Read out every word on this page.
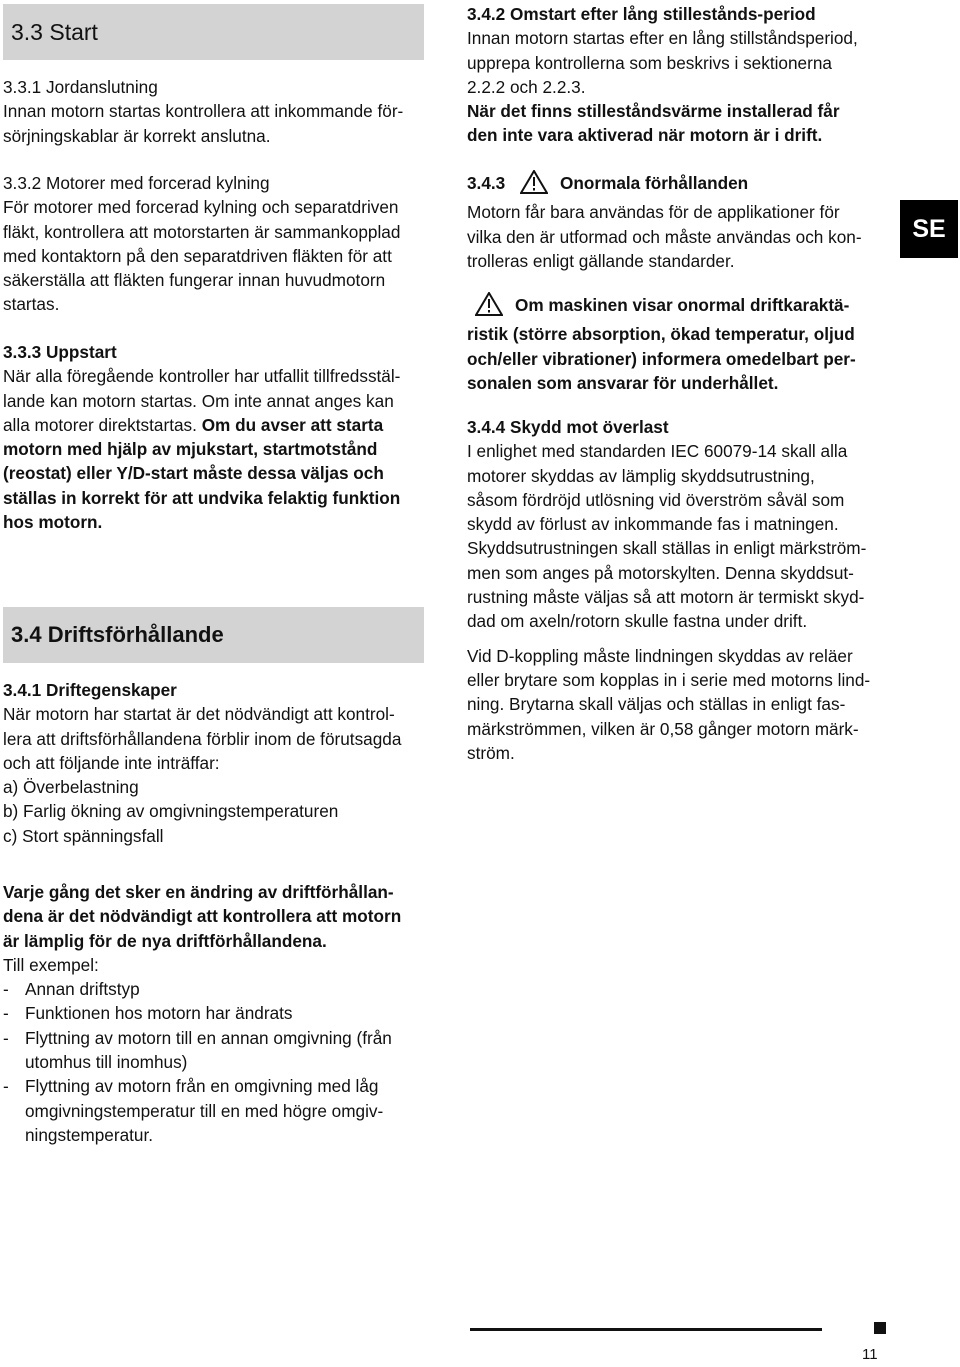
3.3 Start

3.3.1 Jordanslutning

Innan motorn startas kontrollera att inkommande för-

sörjningskablar är korrekt anslutna.

3.3.2 Motorer med forcerad kylning

För motorer med forcerad kylning och separatdriven

fläkt, kontrollera att motorstarten är sammankopplad

med kontaktorn på den separatdriven fläkten för att

säkerställa att fläkten fungerar innan huvudmotorn

startas.

3.3.3 Uppstart

När alla föregående kontroller har utfallit tillfredsstäl-

lande kan motorn startas. Om inte annat anges kan

alla motorer direktstartas. Om du avser att starta

motorn med hjälp av mjukstart, startmotstånd

(reostat) eller Y/D-start måste dessa väljas och

ställas in korrekt för att undvika felaktig funktion

hos motorn.

3.4 Driftsförhållande

3.4.1 Driftegenskaper

När motorn har startat är det nödvändigt att kontrol-

lera att driftsförhållandena förblir inom de förutsagda

och att följande inte inträffar:

a) Överbelastning

b) Farlig ökning av omgivningstemperaturen

c) Stort spänningsfall

Varje gång det sker en ändring av driftförhållan-

dena är det nödvändigt att kontrollera att motorn

är lämplig för de nya driftförhållandena.

Till exempel:

- Annan driftstyp

- Funktionen hos motorn har ändrats

- Flyttning av motorn till en annan omgivning (från

utomhus till inomhus)

- Flyttning av motorn från en omgivning med låg

omgivningstemperatur till en med högre omgiv-

ningstemperatur.

3.4.2 Omstart efter lång stillestånds-period

Innan motorn startas efter en lång stillståndsperiod,

upprepa kontrollerna som beskrivs i sektionerna

2.2.2 och 2.2.3.

När det finns stilleståndsvärme installerad får

den inte vara aktiverad när motorn är i drift.

3.4.3	Onormala förhållanden

Motorn får bara användas för de applikationer för

vilka den är utformad och måste användas och kon-

trolleras enligt gällande standarder.

Om maskinen visar onormal driftkaraktä-

ristik (större absorption, ökad temperatur, oljud

och/eller vibrationer) informera omedelbart per-

sonalen som ansvarar för underhållet.

3.4.4 Skydd mot överlast

I enlighet med standarden IEC 60079-14 skall alla

motorer skyddas av lämplig skyddsutrustning,

såsom fördröjd utlösning vid överström såväl som

skydd av förlust av inkommande fas i matningen.

Skyddsutrustningen skall ställas in enligt märkström-

men som anges på motorskylten. Denna skyddsut-

rustning måste väljas så att motorn är termiskt skyd-

dad om axeln/rotorn skulle fastna under drift.

Vid D-koppling måste lindningen skyddas av reläer

eller brytare som kopplas in i serie med motorns lind-

ning. Brytarna skall väljas och ställas in enligt fas-

märkströmmen, vilken är 0,58 gånger motorn märk-

ström.

SE
11
